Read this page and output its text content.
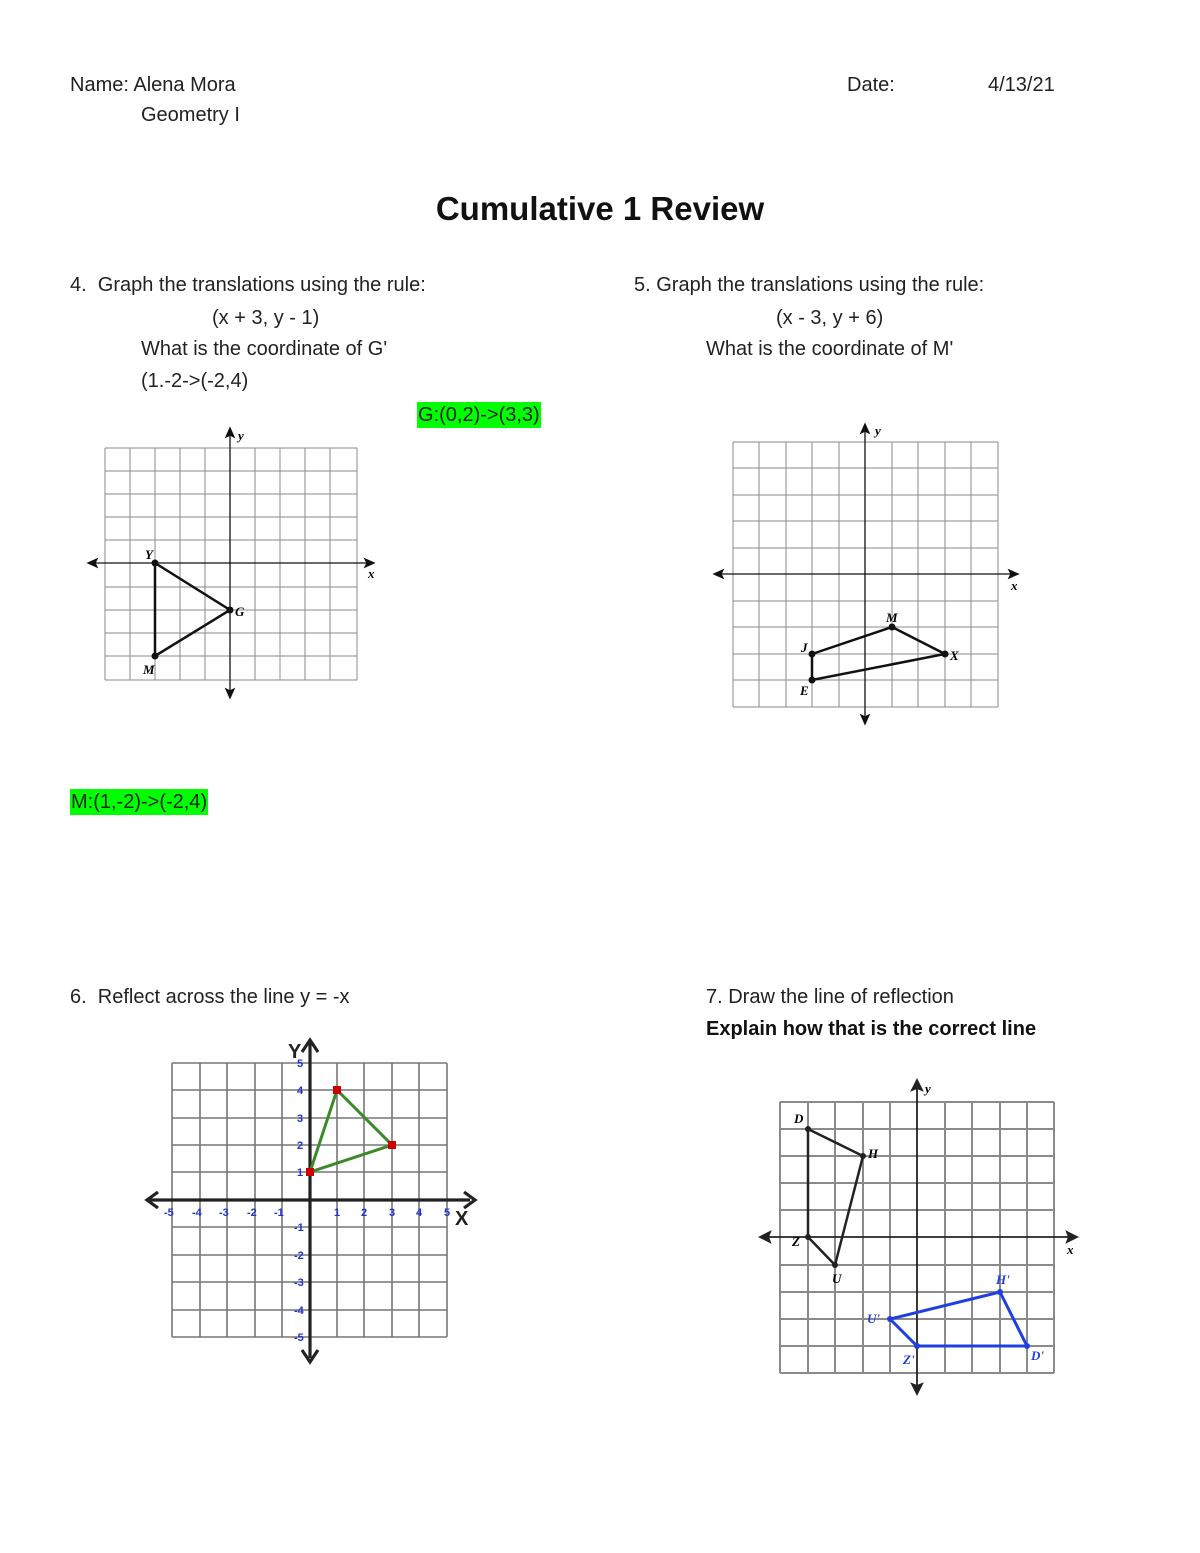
Name: Alena Mora
Geometry I
Date:	4/13/21
Cumulative 1 Review
4.  Graph the translations using the rule:
(x + 3, y - 1)
What is the coordinate of G'
(1.-2->(-2,4)
G:(0,2)->(3,3)
M:(1,-2)->(-2,4)
y
x
Y
G
M
5. Graph the translations using the rule:
(x - 3, y + 6)
What is the coordinate of M'
y
x
J
M
X
E
6.  Reflect across the line y = -x
Y
X
-5 -4 -3 -2 -1	1 2 3 4 5
5
4
3
2
1
-1
-2
-3
-4
-5
7. Draw the line of reflection
Explain how that is the correct line
y
x
D
H
U
Z
H'
D'
Z'
U'
